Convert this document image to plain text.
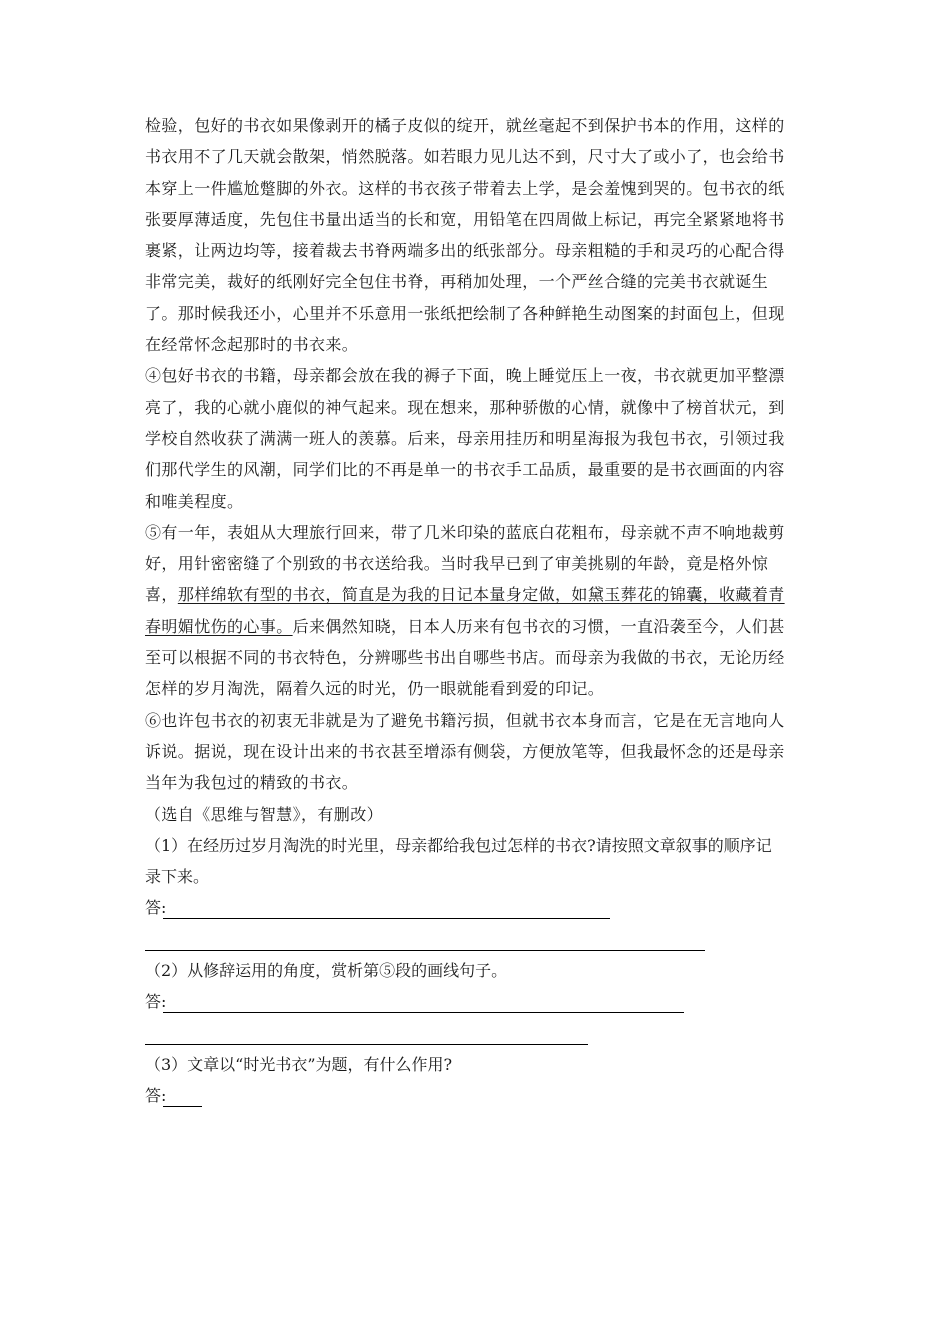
检验，包好的书衣如果像剥开的橘子皮似的绽开，就丝毫起不到保护书本的作用，这样的

书衣用不了几天就会散架，悄然脱落。如若眼力见儿达不到，尺寸大了或小了，也会给书

本穿上一件尴尬蹩脚的外衣。这样的书衣孩子带着去上学，是会羞愧到哭的。包书衣的纸

张要厚薄适度，先包住书量出适当的长和宽，用铅笔在四周做上标记，再完全紧紧地将书

裹紧，让两边均等，接着裁去书脊两端多出的纸张部分。母亲粗糙的手和灵巧的心配合得

非常完美，裁好的纸刚好完全包住书脊，再稍加处理，一个严丝合缝的完美书衣就诞生

了。那时候我还小，心里并不乐意用一张纸把绘制了各种鲜艳生动图案的封面包上，但现

在经常怀念起那时的书衣来。

④包好书衣的书籍，母亲都会放在我的褥子下面，晚上睡觉压上一夜，书衣就更加平整漂

亮了，我的心就小鹿似的神气起来。现在想来，那种骄傲的心情，就像中了榜首状元，到

学校自然收获了满满一班人的羡慕。后来，母亲用挂历和明星海报为我包书衣，引领过我

们那代学生的风潮，同学们比的不再是单一的书衣手工品质，最重要的是书衣画面的内容

和唯美程度。

⑤有一年，表姐从大理旅行回来，带了几米印染的蓝底白花粗布，母亲就不声不响地裁剪

好，用针密密缝了个别致的书衣送给我。当时我早已到了审美挑剔的年龄，竟是格外惊

喜，那样绵软有型的书衣，简直是为我的日记本量身定做，如黛玉葬花的锦囊，收藏着青

春明媚忧伤的心事。后来偶然知晓，日本人历来有包书衣的习惯，一直沿袭至今，人们甚

至可以根据不同的书衣特色，分辨哪些书出自哪些书店。而母亲为我做的书衣，无论历经

怎样的岁月淘洗，隔着久远的时光，仍一眼就能看到爱的印记。

⑥也许包书衣的初衷无非就是为了避免书籍污损，但就书衣本身而言，它是在无言地向人

诉说。据说，现在设计出来的书衣甚至增添有侧袋，方便放笔等，但我最怀念的还是母亲

当年为我包过的精致的书衣。

（选自《思维与智慧》，有删改）

（1）在经历过岁月淘洗的时光里，母亲都给我包过怎样的书衣?请按照文章叙事的顺序记

录下来。

答:

（2）从修辞运用的角度，赏析第⑤段的画线句子。

答:

（3）文章以“时光书衣”为题，有什么作用?

答:
